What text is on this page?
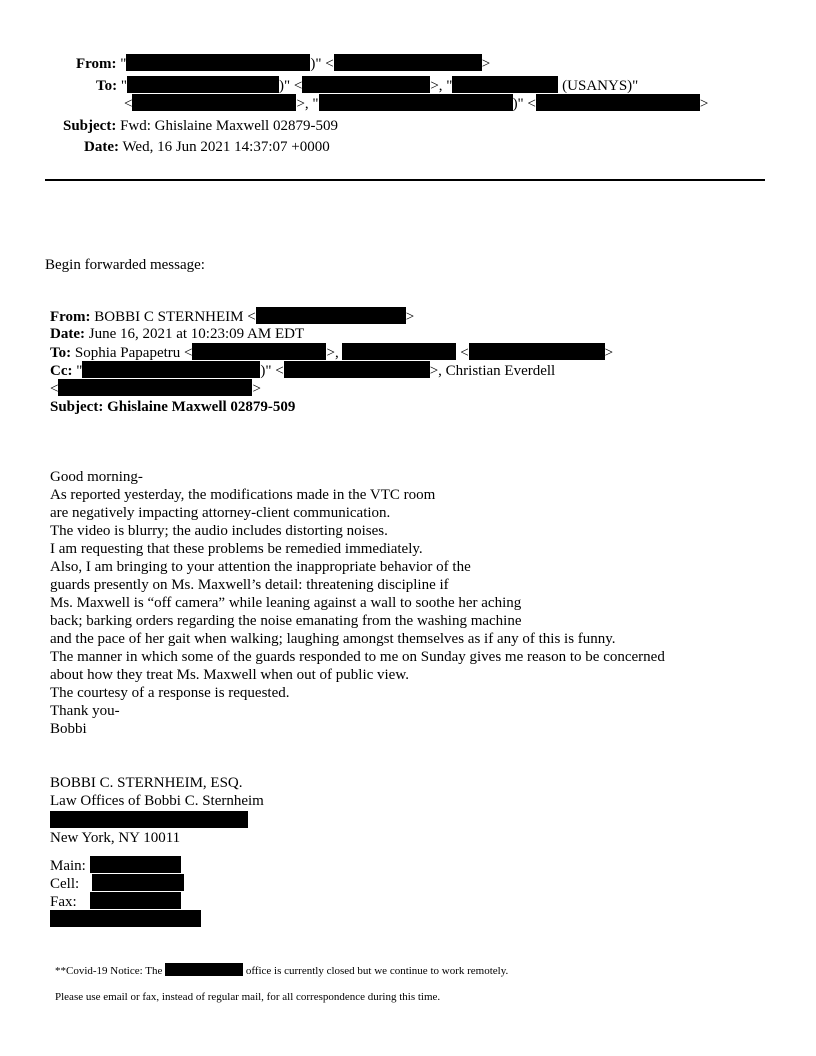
From: "	)" <	>
To: "	)" <	>, "	(USANYS)"
<	>, "	)" <	>
Subject: Fwd: Ghislaine Maxwell 02879-509
Date: Wed, 16 Jun 2021 14:37:07 +0000
Begin forwarded message:
From: BOBBI C STERNHEIM <	>
Date: June 16, 2021 at 10:23:09 AM EDT
To: Sophia Papapetru <	>,	<	>
Cc: "	)" <	>, Christian Everdell
<	>
Subject: Ghislaine Maxwell 02879-509
Good morning-
As reported yesterday, the modifications made in the VTC room
are negatively impacting attorney-client communication.
The video is blurry; the audio includes distorting noises.
I am requesting that these problems be remedied immediately.
Also, I am bringing to your attention the inappropriate behavior of the
guards presently on Ms. Maxwell’s detail: threatening discipline if
Ms. Maxwell is “off camera” while leaning against a wall to soothe her aching
back; barking orders regarding the noise emanating from the washing machine
and the pace of her gait when walking; laughing amongst themselves as if any of this is funny.
The manner in which some of the guards responded to me on Sunday gives me reason to be concerned
about how they treat Ms. Maxwell when out of public view.
The courtesy of a response is requested.
Thank you-
Bobbi
BOBBI C. STERNHEIM, ESQ.
Law Offices of Bobbi C. Sternheim
New York, NY 10011
Main:
Cell:
Fax:
**Covid-19 Notice: The	office is currently closed but we continue to work remotely.
Please use email or fax, instead of regular mail, for all correspondence during this time.
